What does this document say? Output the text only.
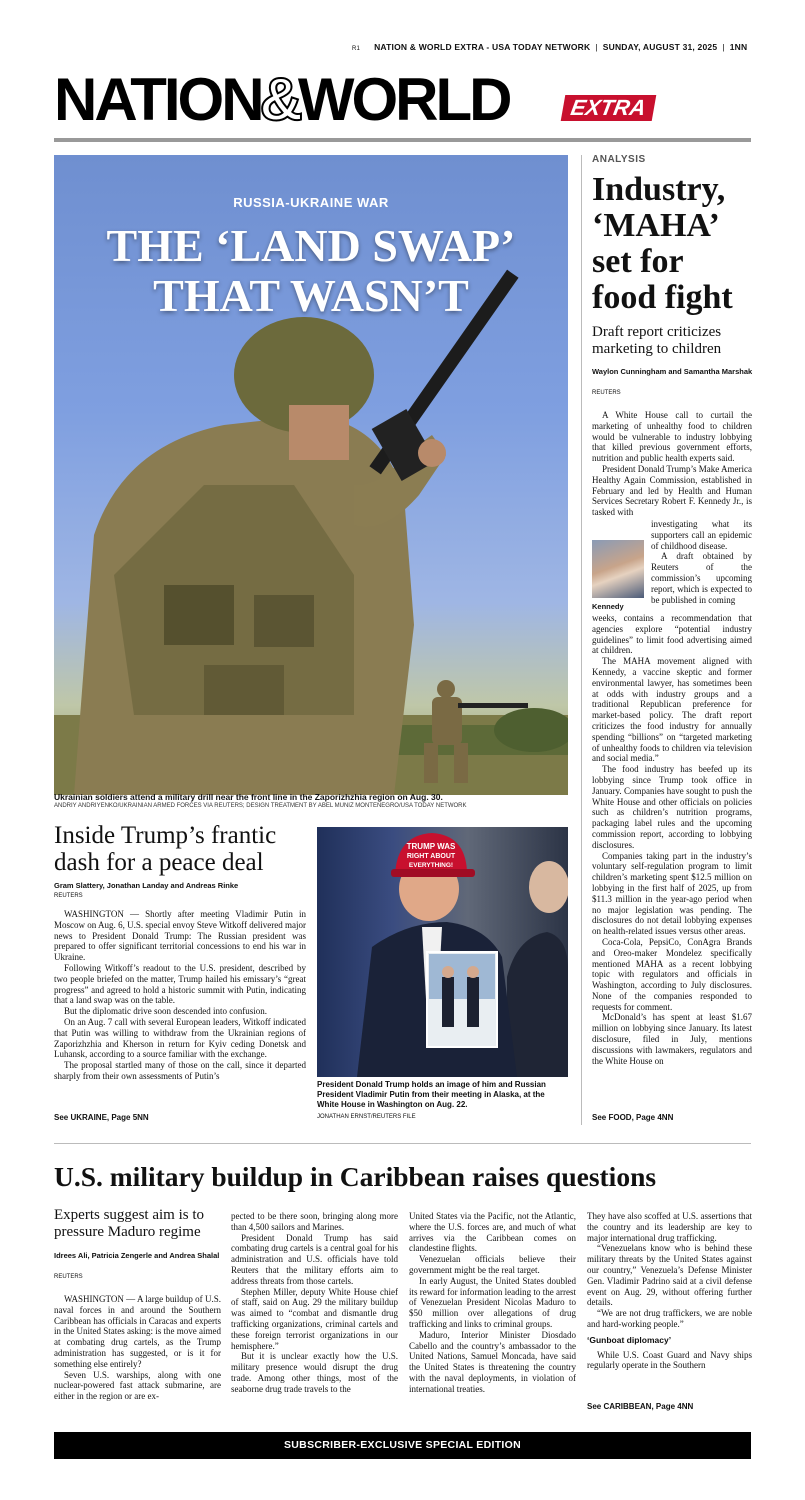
R1 NATION & WORLD EXTRA - USA TODAY NETWORK | SUNDAY, AUGUST 31, 2025 | 1NN
NATION&WORLD	EXTRA
RUSSIA-UKRAINE WAR
THE ‘LAND SWAP’
THAT WASN’T
Ukrainian soldiers attend a military drill near the front line in the Zaporizhzhia region on Aug. 30.
ANDRIY ANDRIYENKO/UKRAINIAN ARMED FORCES VIA REUTERS; DESIGN TREATMENT BY ABEL MUNIZ MONTENEGRO/USA TODAY NETWORK
ANALYSIS
Industry,
‘MAHA’
set for
food fight
Draft report criticizes marketing to children
Waylon Cunningham and Samantha Marshak
REUTERS

A White House call to curtail the marketing of unhealthy food to children would be vulnerable to industry lobbying that killed previous government efforts, nutrition and public health experts said.

President Donald Trump’s Make America Healthy Again Commission, established in February and led by Health and Human Services Secretary Robert F. Kennedy Jr., is tasked with

Kennedy

investigating what its supporters call an epidemic of childhood disease.

A draft obtained by Reuters of the commission’s upcoming report, which is expected to be published in coming

weeks, contains a recommendation that agencies explore “potential industry guidelines” to limit food advertising aimed at children.

The MAHA movement aligned with Kennedy, a vaccine skeptic and former environmental lawyer, has sometimes been at odds with industry groups and a traditional Republican preference for market-based policy. The draft report criticizes the food industry for annually spending “billions” on “targeted marketing of unhealthy foods to children via television and social media.”

The food industry has beefed up its lobbying since Trump took office in January. Companies have sought to push the White House and other officials on policies such as children’s nutrition programs, packaging label rules and the upcoming commission report, according to lobbying disclosures.

Companies taking part in the industry’s voluntary self-regulation program to limit children’s marketing spent $12.5 million on lobbying in the first half of 2025, up from $11.3 million in the year-ago period when no major legislation was pending. The disclosures do not detail lobbying expenses on health-related issues versus other areas.

Coca-Cola, PepsiCo, ConAgra Brands and Oreo-maker Mondelez specifically mentioned MAHA as a recent lobbying topic with regulators and officials in Washington, according to July disclosures. None of the companies responded to requests for comment.

McDonald’s has spent at least $1.67 million on lobbying since January. Its latest disclosure, filed in July, mentions discussions with lawmakers, regulators and the White House on

See FOOD, Page 4NN
Inside Trump’s frantic dash for a peace deal
Gram Slattery, Jonathan Landay and Andreas Rinke
REUTERS

WASHINGTON — Shortly after meeting Vladimir Putin in Moscow on Aug. 6, U.S. special envoy Steve Witkoff delivered major news to President Donald Trump: The Russian president was prepared to offer significant territorial concessions to end his war in Ukraine.

Following Witkoff’s readout to the U.S. president, described by two people briefed on the matter, Trump hailed his emissary’s “great progress” and agreed to hold a historic summit with Putin, indicating that a land swap was on the table.

But the diplomatic drive soon descended into confusion.

On an Aug. 7 call with several European leaders, Witkoff indicated that Putin was willing to withdraw from the Ukrainian regions of Zaporizhzhia and Kherson in return for Kyiv ceding Donetsk and Luhansk, according to a source familiar with the exchange.

The proposal startled many of those on the call, since it departed sharply from their own assessments of Putin’s

See UKRAINE, Page 5NN
TRUMP WAS
RIGHT ABOUT
EVERYTHING!
President Donald Trump holds an image of him and Russian President Vladimir Putin from their meeting in Alaska, at the White House in Washington on Aug. 22.
JONATHAN ERNST/REUTERS FILE
U.S. military buildup in Caribbean raises questions
Experts suggest aim is to pressure Maduro regime
Idrees Ali, Patricia Zengerle and Andrea Shalal
REUTERS

WASHINGTON — A large buildup of U.S. naval forces in and around the Southern Caribbean has officials in Caracas and experts in the United States asking: is the move aimed at combating drug cartels, as the Trump administration has suggested, or is it for something else entirely?

Seven U.S. warships, along with one nuclear-powered fast attack submarine, are either in the region or are ex-

pected to be there soon, bringing along more than 4,500 sailors and Marines.

President Donald Trump has said combating drug cartels is a central goal for his administration and U.S. officials have told Reuters that the military efforts aim to address threats from those cartels.

Stephen Miller, deputy White House chief of staff, said on Aug. 29 the military buildup was aimed to “combat and dismantle drug trafficking organizations, criminal cartels and these foreign terrorist organizations in our hemisphere.”

But it is unclear exactly how the U.S. military presence would disrupt the drug trade. Among other things, most of the seaborne drug trade travels to the

United States via the Pacific, not the Atlantic, where the U.S. forces are, and much of what arrives via the Caribbean comes on clandestine flights.

Venezuelan officials believe their government might be the real target.

In early August, the United States doubled its reward for information leading to the arrest of Venezuelan President Nicolas Maduro to $50 million over allegations of drug trafficking and links to criminal groups.

Maduro, Interior Minister Diosdado Cabello and the country’s ambassador to the United Nations, Samuel Moncada, have said the United States is threatening the country with the naval deployments, in violation of international treaties.

They have also scoffed at U.S. assertions that the country and its leadership are key to major international drug trafficking.

“Venezuelans know who is behind these military threats by the United States against our country,” Venezuela’s Defense Minister Gen. Vladimir Padrino said at a civil defense event on Aug. 29, without offering further details.

“We are not drug traffickers, we are noble and hard-working people.”

‘Gunboat diplomacy’

While U.S. Coast Guard and Navy ships regularly operate in the Southern

See CARIBBEAN, Page 4NN
SUBSCRIBER-EXCLUSIVE SPECIAL EDITION
